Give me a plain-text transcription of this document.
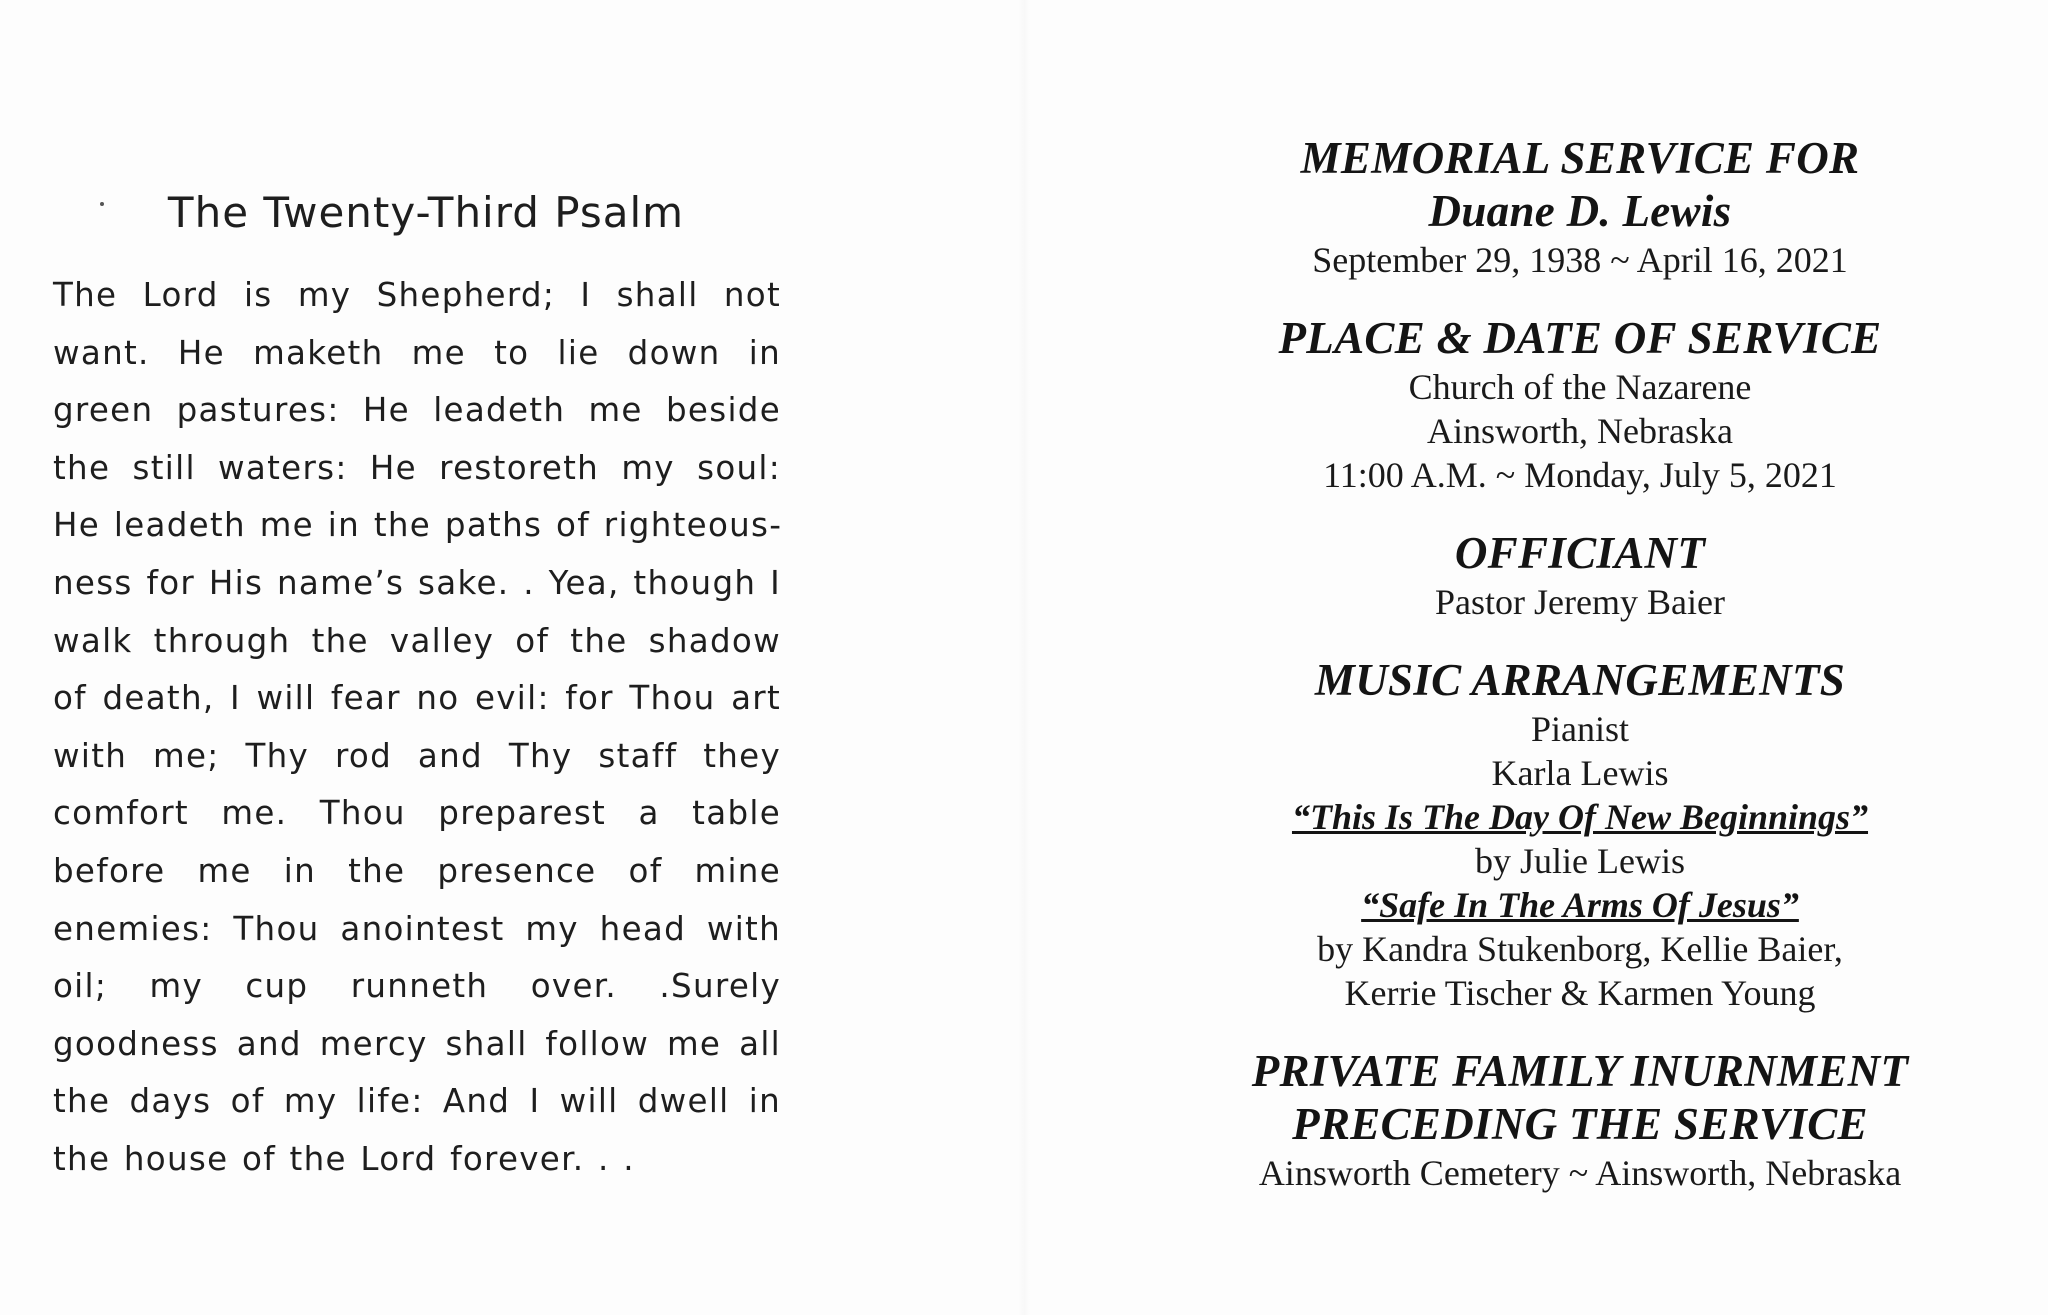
The Twenty-Third Psalm

The Lord is my Shepherd; I shall not want. He maketh me to lie down in green pastures: He leadeth me beside the still waters: He restoreth my soul: He leadeth me in the paths of righteousness for His name’s sake. . Yea, though I walk through the valley of the shadow of death, I will fear no evil: for Thou art with me; Thy rod and Thy staff they comfort me. Thou preparest a table before me in the presence of mine enemies: Thou anointest my head with oil; my cup runneth over. .Surely goodness and mercy shall follow me all the days of my life: And I will dwell in the house of the Lord forever. . .

MEMORIAL SERVICE FOR
Duane D. Lewis
September 29, 1938 ~ April 16, 2021
PLACE & DATE OF SERVICE
Church of the Nazarene
Ainsworth, Nebraska
11:00 A.M. ~ Monday, July 5, 2021
OFFICIANT
Pastor Jeremy Baier
MUSIC ARRANGEMENTS
Pianist
Karla Lewis
“This Is The Day Of New Beginnings”
by Julie Lewis
“Safe In The Arms Of Jesus”
by Kandra Stukenborg, Kellie Baier,
Kerrie Tischer & Karmen Young
PRIVATE FAMILY INURNMENT
PRECEDING THE SERVICE
Ainsworth Cemetery ~ Ainsworth, Nebraska
